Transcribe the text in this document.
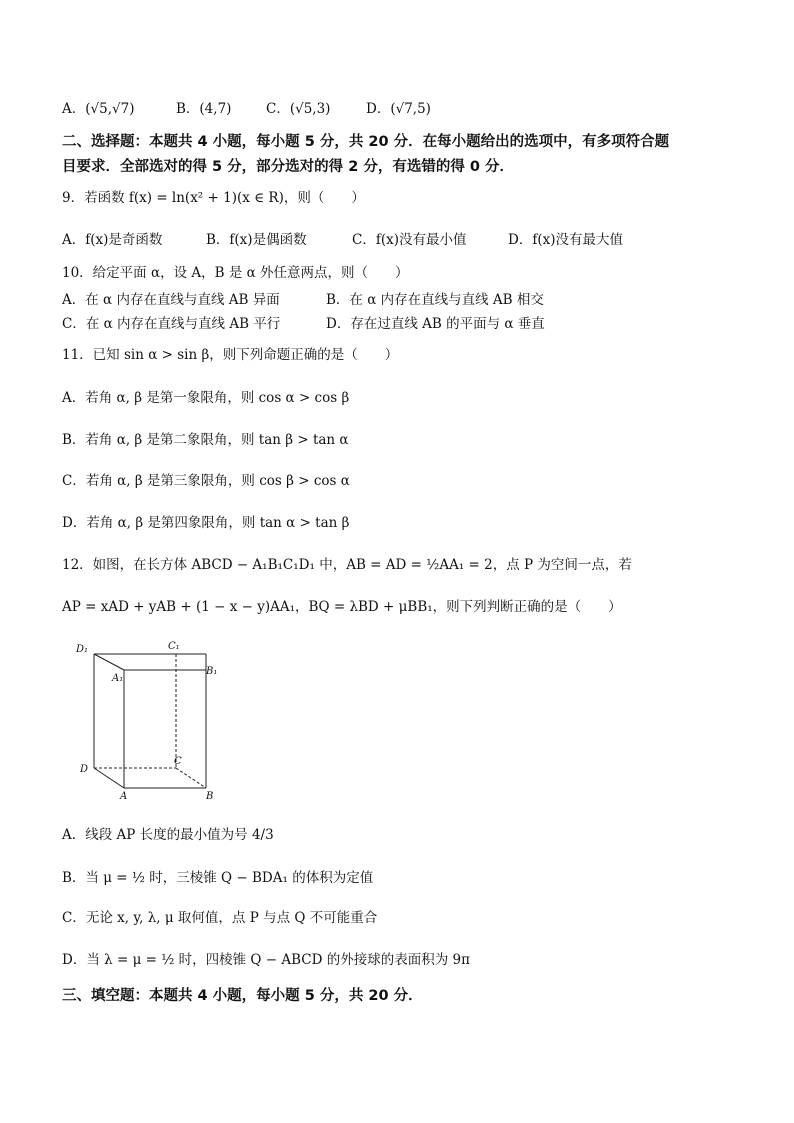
A．(√5,√7)	B．(4,7)	C．(√5,3)	D．(√7,5)
二、选择题：本题共 4 小题，每小题 5 分，共 20 分．在每小题给出的选项中，有多项符合题
目要求．全部选对的得 5 分，部分选对的得 2 分，有选错的得 0 分．
9．若函数 f(x) = ln(x² + 1)(x ∈ R)，则（　　）
A．f(x)是奇函数	B．f(x)是偶函数	C．f(x)没有最小值	D．f(x)没有最大值
10．给定平面 α，设 A，B 是 α 外任意两点，则（　　）
A．在 α 内存在直线与直线 AB 异面	B．在 α 内存在直线与直线 AB 相交
C．在 α 内存在直线与直线 AB 平行	D．存在过直线 AB 的平面与 α 垂直
11．已知 sin α > sin β，则下列命题正确的是（　　）
A．若角 α, β 是第一象限角，则 cos α > cos β
B．若角 α, β 是第二象限角，则 tan β > tan α
C．若角 α, β 是第三象限角，则 cos β > cos α
D．若角 α, β 是第四象限角，则 tan α > tan β
12．如图，在长方体 ABCD − A₁B₁C₁D₁ 中，AB = AD = ½AA₁ = 2，点 P 为空间一点，若
AP = xAD + yAB + (1 − x − y)AA₁，BQ = λBD + μBB₁，则下列判断正确的是（　　）
D₁	C₁
B₁
A₁
D
C
A	B
A．线段 AP 长度的最小值为号 4/3
B．当 μ = ½ 时，三棱锥 Q − BDA₁ 的体积为定值
C．无论 x, y, λ, μ 取何值，点 P 与点 Q 不可能重合
D．当 λ = μ = ½ 时，四棱锥 Q − ABCD 的外接球的表面积为 9π
三、填空题：本题共 4 小题，每小题 5 分，共 20 分．
